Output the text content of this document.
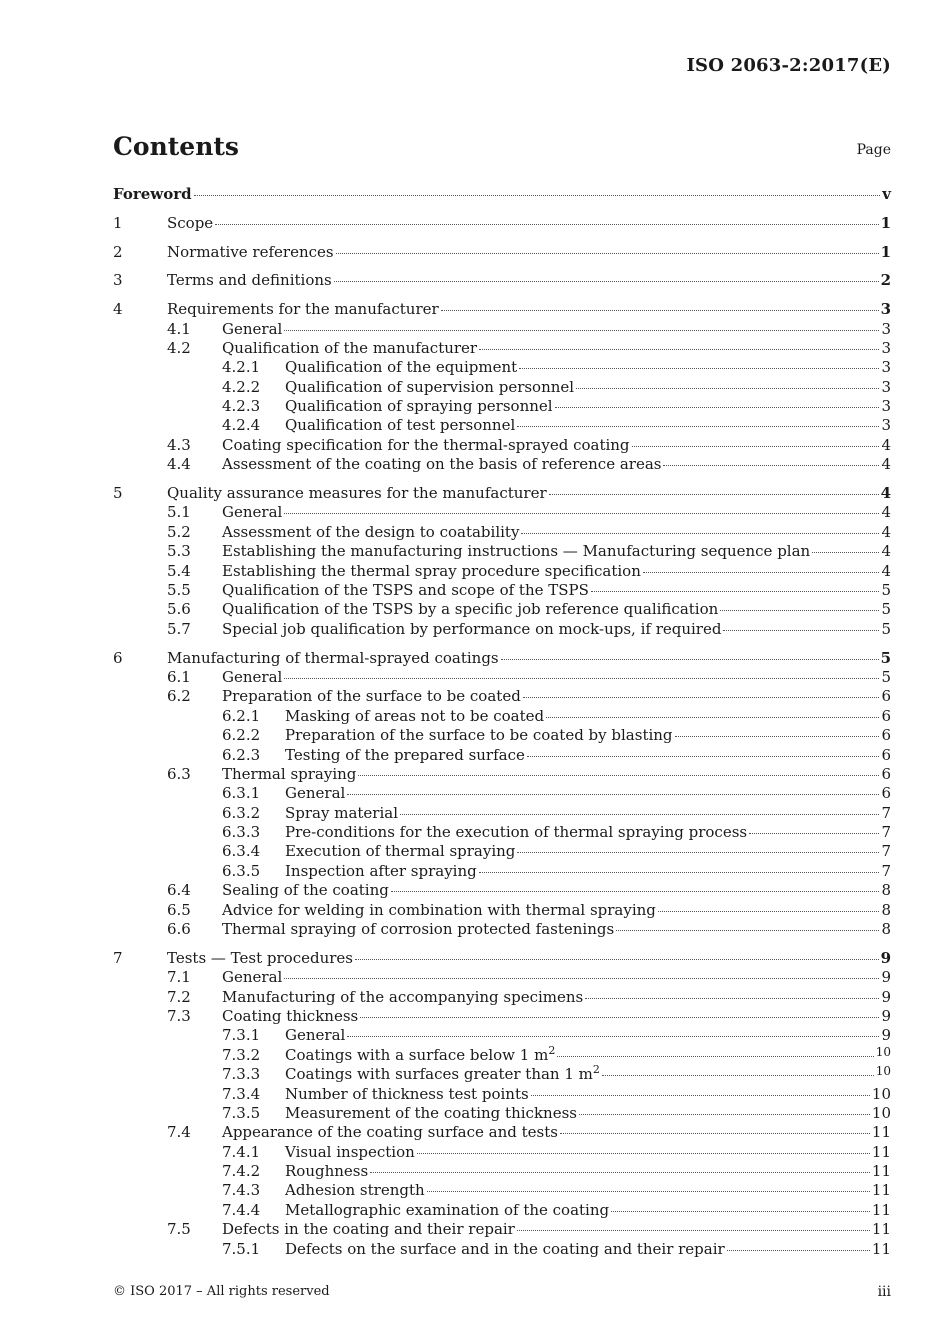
ISO 2063-2:2017(E)
Contents	Page
Foreword	v
1	Scope	1
2	Normative references	1
3	Terms and definitions	2
4	Requirements for the manufacturer	3
4.1 General	3
4.2 Qualification of the manufacturer	3
4.2.1 Qualification of the equipment	3
4.2.2 Qualification of supervision personnel	3
4.2.3 Qualification of spraying personnel	3
4.2.4 Qualification of test personnel	3
4.3 Coating specification for the thermal-sprayed coating	4
4.4 Assessment of the coating on the basis of reference areas	4
5	Quality assurance measures for the manufacturer	4
5.1 General	4
5.2 Assessment of the design to coatability	4
5.3 Establishing the manufacturing instructions — Manufacturing sequence plan	4
5.4 Establishing the thermal spray procedure specification	4
5.5 Qualification of the TSPS and scope of the TSPS	5
5.6 Qualification of the TSPS by a specific job reference qualification	5
5.7 Special job qualification by performance on mock-ups, if required	5
6	Manufacturing of thermal-sprayed coatings	5
6.1 General	5
6.2 Preparation of the surface to be coated	6
6.2.1 Masking of areas not to be coated	6
6.2.2 Preparation of the surface to be coated by blasting	6
6.2.3 Testing of the prepared surface	6
6.3 Thermal spraying	6
6.3.1 General	6
6.3.2 Spray material	7
6.3.3 Pre-conditions for the execution of thermal spraying process	7
6.3.4 Execution of thermal spraying	7
6.3.5 Inspection after spraying	7
6.4 Sealing of the coating	8
6.5 Advice for welding in combination with thermal spraying	8
6.6 Thermal spraying of corrosion protected fastenings	8
7	Tests — Test procedures	9
7.1 General	9
7.2 Manufacturing of the accompanying specimens	9
7.3 Coating thickness	9
7.3.1 General	9
7.3.2 Coatings with a surface below 1 $m^2$	10
7.3.3 Coatings with surfaces greater than 1 $m^2$	10
7.3.4 Number of thickness test points	10
7.3.5 Measurement of the coating thickness	10
7.4 Appearance of the coating surface and tests	11
7.4.1 Visual inspection	11
7.4.2 Roughness	11
7.4.3 Adhesion strength	11
7.4.4 Metallographic examination of the coating	11
7.5 Defects in the coating and their repair	11
7.5.1 Defects on the surface and in the coating and their repair	11
© ISO 2017 – All rights reserved	iii
